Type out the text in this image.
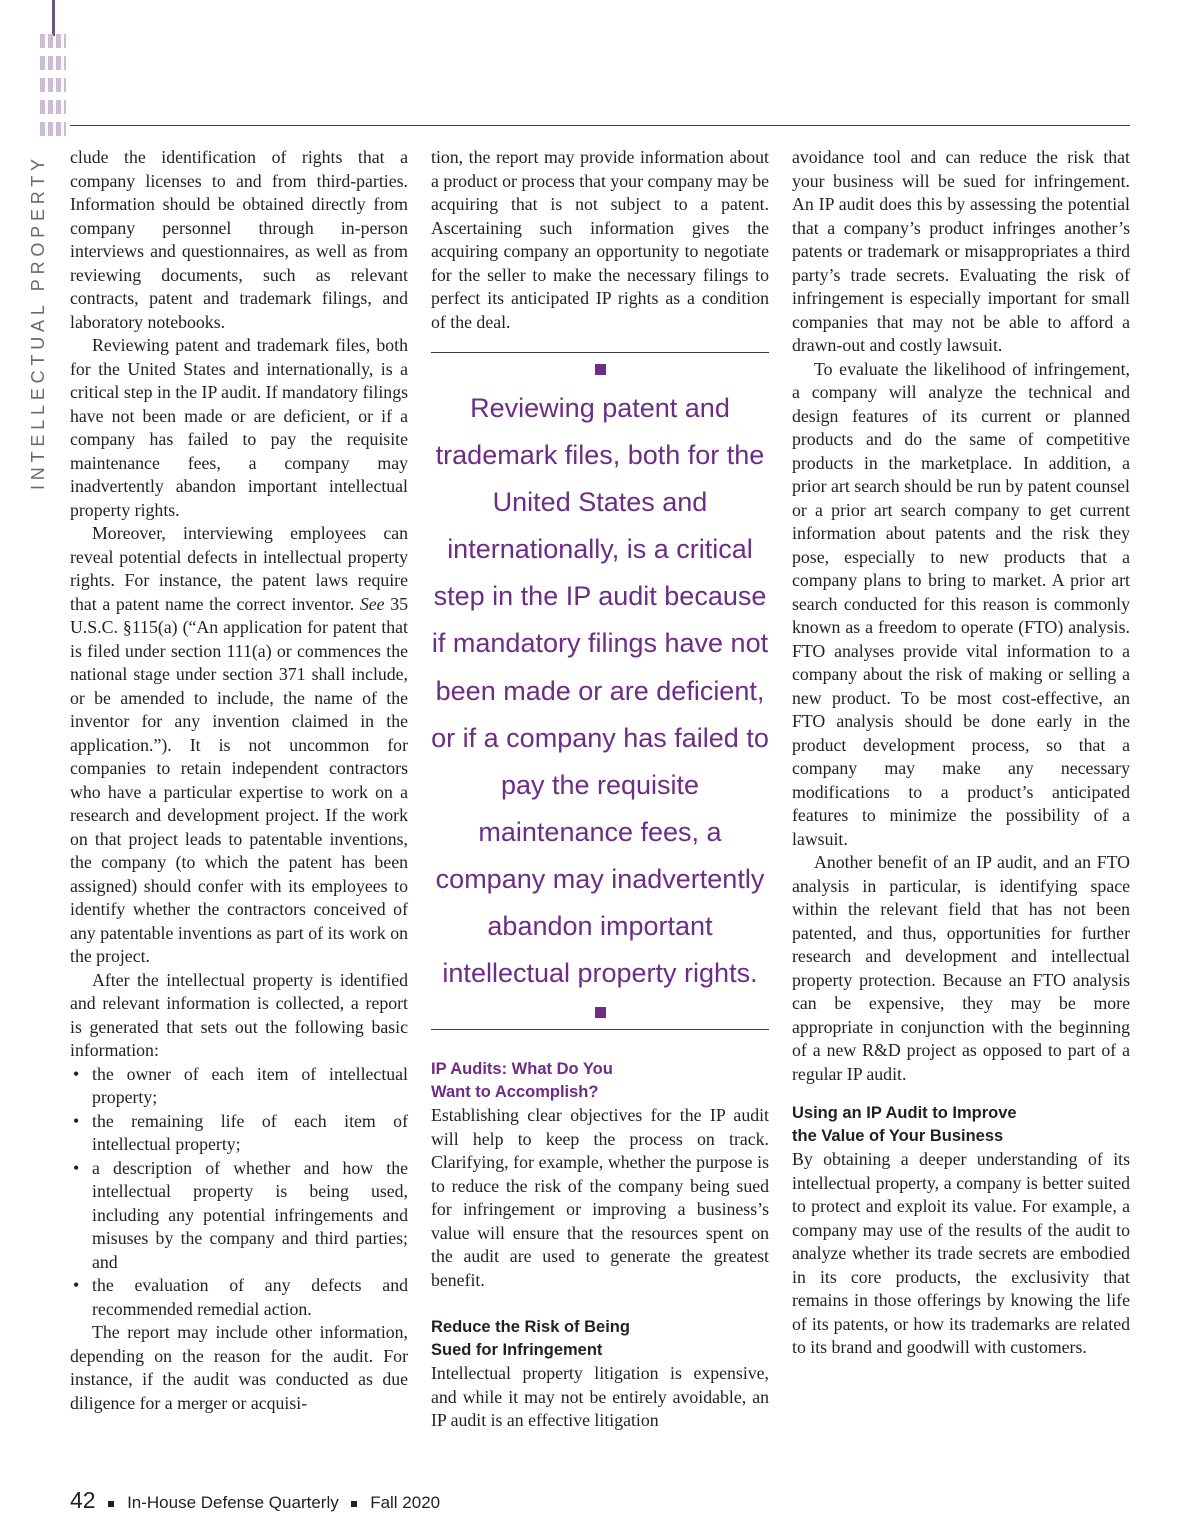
INTELLECTUAL PROPERTY clude the identification of rights that a company licenses to and from third-parties. Information should be obtained directly from company personnel through in-person interviews and questionnaires, as well as from reviewing documents, such as relevant contracts, patent and trademark filings, and laboratory notebooks.

Reviewing patent and trademark files, both for the United States and internationally, is a critical step in the IP audit. If mandatory filings have not been made or are deficient, or if a company has failed to pay the requisite maintenance fees, a company may inadvertently abandon important intellectual property rights.

Moreover, interviewing employees can reveal potential defects in intellectual property rights. For instance, the patent laws require that a patent name the correct inventor. See 35 U.S.C. §115(a) (“An application for patent that is filed under section 111(a) or commences the national stage under section 371 shall include, or be amended to include, the name of the inventor for any invention claimed in the application.”). It is not uncommon for companies to retain independent contractors who have a particular expertise to work on a research and development project. If the work on that project leads to patentable inventions, the company (to which the patent has been assigned) should confer with its employees to identify whether the contractors conceived of any patentable inventions as part of its work on the project.

After the intellectual property is identified and relevant information is collected, a report is generated that sets out the following basic information:

• the owner of each item of intellectual property;
• the remaining life of each item of intellectual property;
• a description of whether and how the intellectual property is being used, including any potential infringements and misuses by the company and third parties; and
• the evaluation of any defects and recommended remedial action.

The report may include other information, depending on the reason for the audit. For instance, if the audit was conducted as due diligence for a merger or acquisi-

tion, the report may provide information about a product or process that your company may be acquiring that is not subject to a patent. Ascertaining such information gives the acquiring company an opportunity to negotiate for the seller to make the necessary filings to perfect its anticipated IP rights as a condition of the deal.

Reviewing patent and trademark files, both for the United States and internationally, is a critical step in the IP audit because if mandatory filings have not been made or are deficient, or if a company has failed to pay the requisite maintenance fees, a company may inadvertently abandon important intellectual property rights.
IP Audits: What Do You
Want to Accomplish?

Establishing clear objectives for the IP audit will help to keep the process on track. Clarifying, for example, whether the purpose is to reduce the risk of the company being sued for infringement or improving a business’s value will ensure that the resources spent on the audit are used to generate the greatest benefit.

Reduce the Risk of Being
Sued for Infringement

Intellectual property litigation is expensive, and while it may not be entirely avoidable, an IP audit is an effective litigation

avoidance tool and can reduce the risk that your business will be sued for infringement. An IP audit does this by assessing the potential that a company’s product infringes another’s patents or trademark or misappropriates a third party’s trade secrets. Evaluating the risk of infringement is especially important for small companies that may not be able to afford a drawn-out and costly lawsuit.

To evaluate the likelihood of infringement, a company will analyze the technical and design features of its current or planned products and do the same of competitive products in the marketplace. In addition, a prior art search should be run by patent counsel or a prior art search company to get current information about patents and the risk they pose, especially to new products that a company plans to bring to market. A prior art search conducted for this reason is commonly known as a freedom to operate (FTO) analysis. FTO analyses provide vital information to a company about the risk of making or selling a new product. To be most cost-effective, an FTO analysis should be done early in the product development process, so that a company may make any necessary modifications to a product’s anticipated features to minimize the possibility of a lawsuit.

Another benefit of an IP audit, and an FTO analysis in particular, is identifying space within the relevant field that has not been patented, and thus, opportunities for further research and development and intellectual property protection. Because an FTO analysis can be expensive, they may be more appropriate in conjunction with the beginning of a new R&D project as opposed to part of a regular IP audit.

Using an IP Audit to Improve
the Value of Your Business

By obtaining a deeper understanding of its intellectual property, a company is better suited to protect and exploit its value. For example, a company may use of the results of the audit to analyze whether its trade secrets are embodied in its core products, the exclusivity that remains in those offerings by knowing the life of its patents, or how its trademarks are related to its brand and goodwill with customers.

42 In-House Defense Quarterly Fall 2020
